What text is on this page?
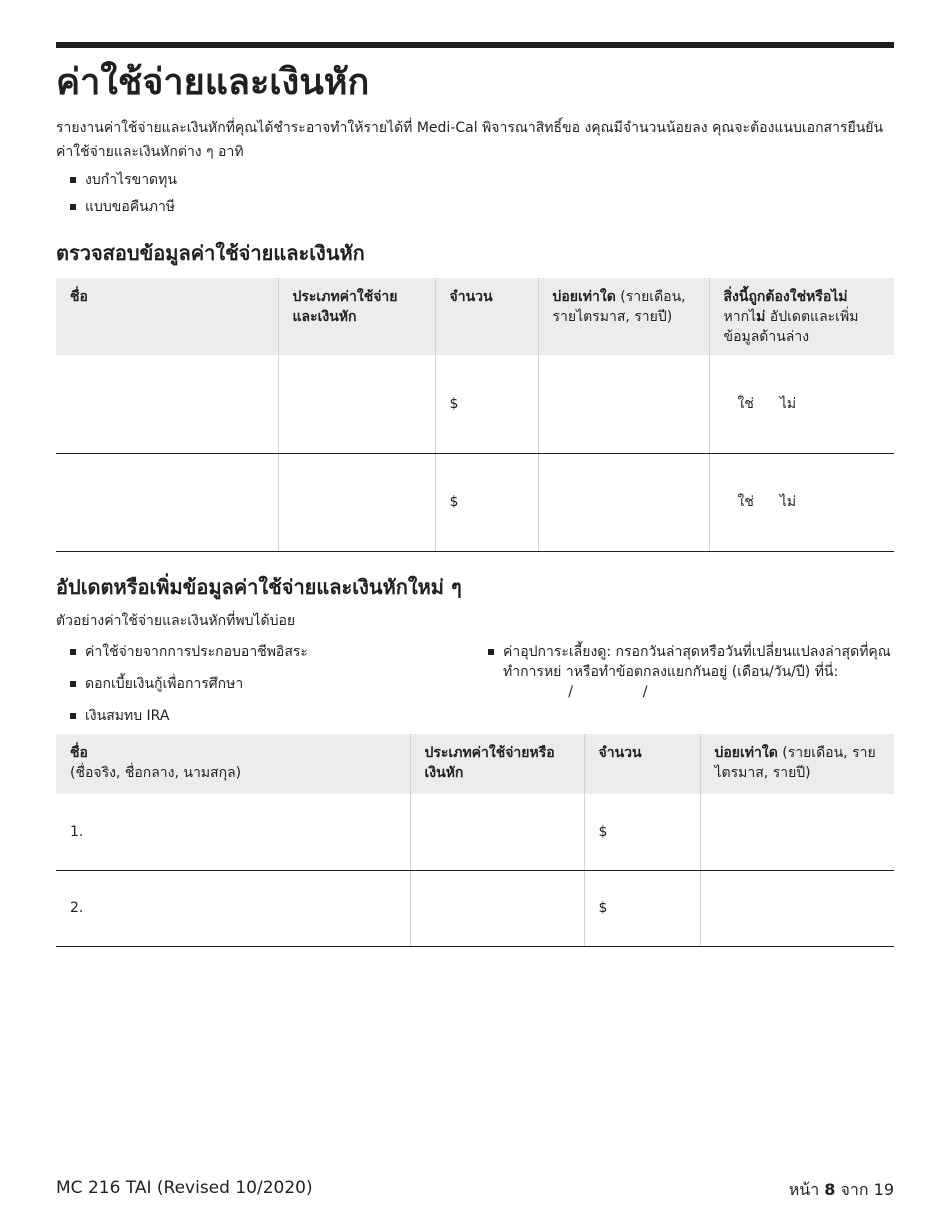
ค่าใช้จ่ายและเงินหัก

รายงานค่าใช้จ่ายและเงินหักที่คุณได้ชำระอาจทำให้รายได้ที่ Medi-Cal พิจารณาสิทธิ์ขอ งคุณมีจำนวนน้อยลง คุณจะต้องแนบเอกสารยืนยันค่าใช้จ่ายและเงินหักต่าง ๆ อาทิ

งบกำไรขาดทุน
แบบขอคืนภาษี
ตรวจสอบข้อมูลค่าใช้จ่ายและเงินหัก
ชื่อ	ประเภทค่าใช้จ่ายและเงินหัก	จำนวน	บ่อยเท่าใด (รายเดือน, รายไตรมาส, รายปี)	สิ่งนี้ถูกต้องใช่หรือไม่
หากไม่ อัปเดตและเพิ่มข้อมูลด้านล่าง
		$		ใช่ ไม่
		$		ใช่ ไม่
อัปเดตหรือเพิ่มข้อมูลค่าใช้จ่ายและเงินหักใหม่ ๆ

ตัวอย่างค่าใช้จ่ายและเงินหักที่พบได้บ่อย

ค่าใช้จ่ายจากการประกอบอาชีพอิสระ
ดอกเบี้ยเงินกู้เพื่อการศึกษา
เงินสมทบ IRA
ค่าอุปการะเลี้ยงดู: กรอกวันล่าสุดหรือวันที่เปลี่ยนแปลงล่าสุดที่คุณทำการหย่ าหรือทำข้อตกลงแยกกันอยู่ (เดือน/วัน/ปี) ที่นี่: /	/
ชื่อ
(ชื่อจริง, ชื่อกลาง, นามสกุล)	ประเภทค่าใช้จ่ายหรือเงินหัก	จำนวน	บ่อยเท่าใด (รายเดือน, รายไตรมาส, รายปี)
1.		$	
2.		$	
MC 216 TAI (Revised 10/2020)	หน้า 8 จาก 19
